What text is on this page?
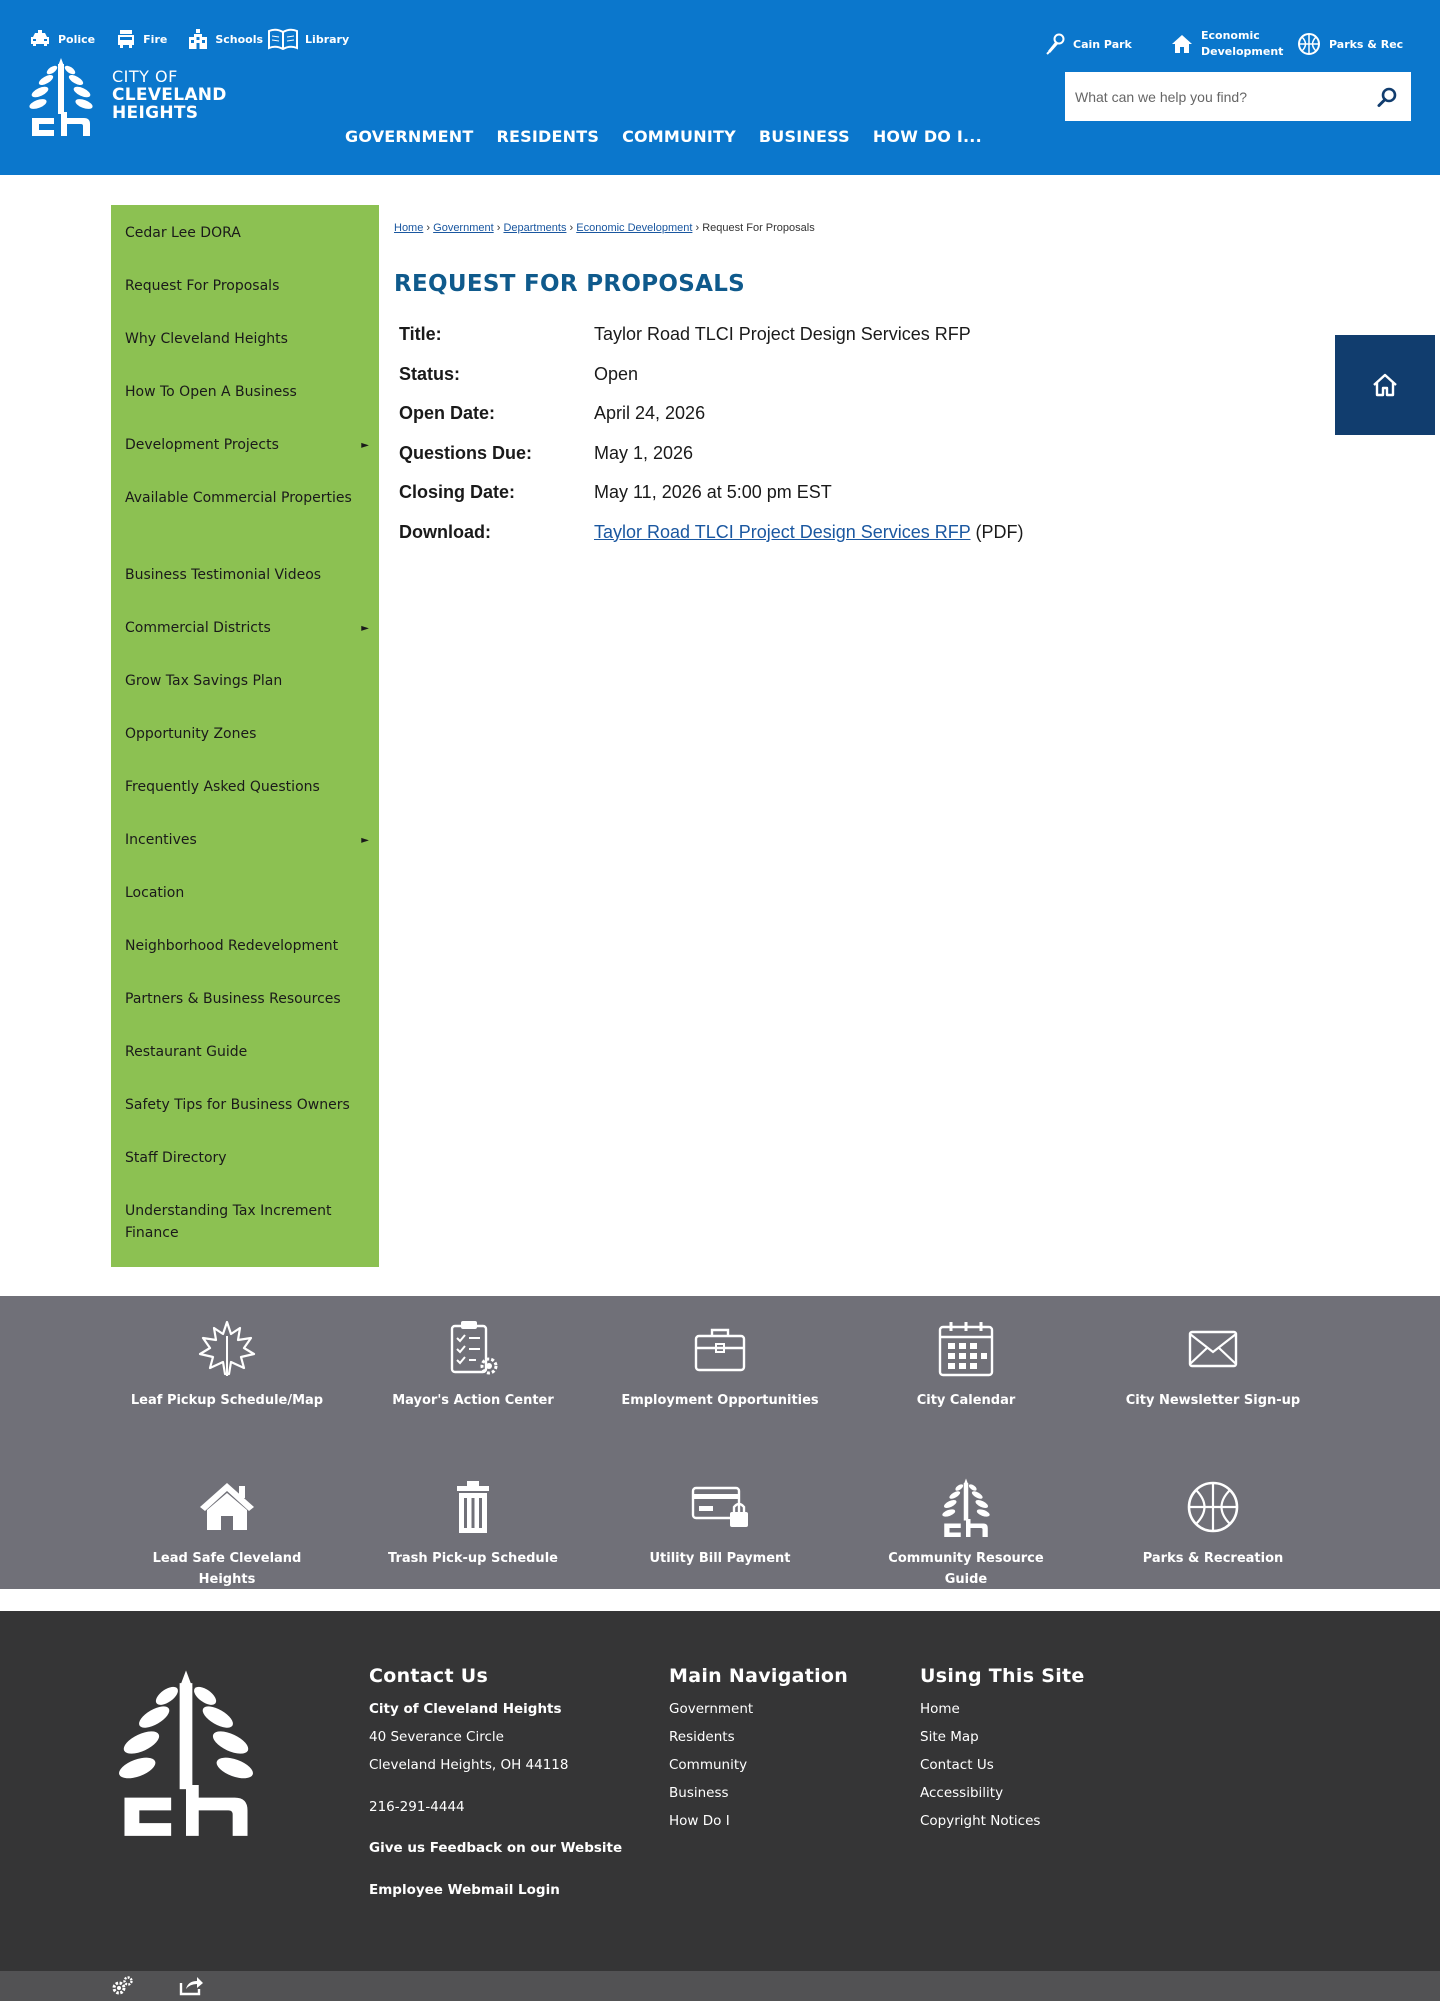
Police	Fire	Schools	Library
CITY OF
CLEVELAND
HEIGHTS
Cain Park
Economic Development
Parks & Rec
What can we help you find?
GOVERNMENT RESIDENTS COMMUNITY BUSINESS HOW DO I...
Cedar Lee DORA
Request For Proposals
Why Cleveland Heights
How To Open A Business
Development Projects	►
Available Commercial Properties
Business Testimonial Videos
Commercial Districts	►
Grow Tax Savings Plan
Opportunity Zones
Frequently Asked Questions
Incentives	►
Location
Neighborhood Redevelopment
Partners & Business Resources
Restaurant Guide
Safety Tips for Business Owners
Staff Directory
Understanding Tax Increment Finance
Home › Government › Departments › Economic Development › Request For Proposals
REQUEST FOR PROPOSALS
Title:	Taylor Road TLCI Project Design Services RFP
Status:	Open
Open Date:	April 24, 2026
Questions Due:	May 1, 2026
Closing Date:	May 11, 2026 at 5:00 pm EST
Download:	Taylor Road TLCI Project Design Services RFP (PDF)
Leaf Pickup Schedule/Map	Mayor's Action Center	Employment Opportunities	City Calendar	City Newsletter Sign-up
Lead Safe Cleveland Heights
Trash Pick-up Schedule	Utility Bill Payment	Community Resource Guide
Parks & Recreation
Contact Us
City of Cleveland Heights
40 Severance Circle
Cleveland Heights, OH 44118
216-291-4444
Give us Feedback on our Website
Employee Webmail Login
Main Navigation
Government
Residents
Community
Business
How Do I
Using This Site
Home
Site Map
Contact Us
Accessibility
Copyright Notices
